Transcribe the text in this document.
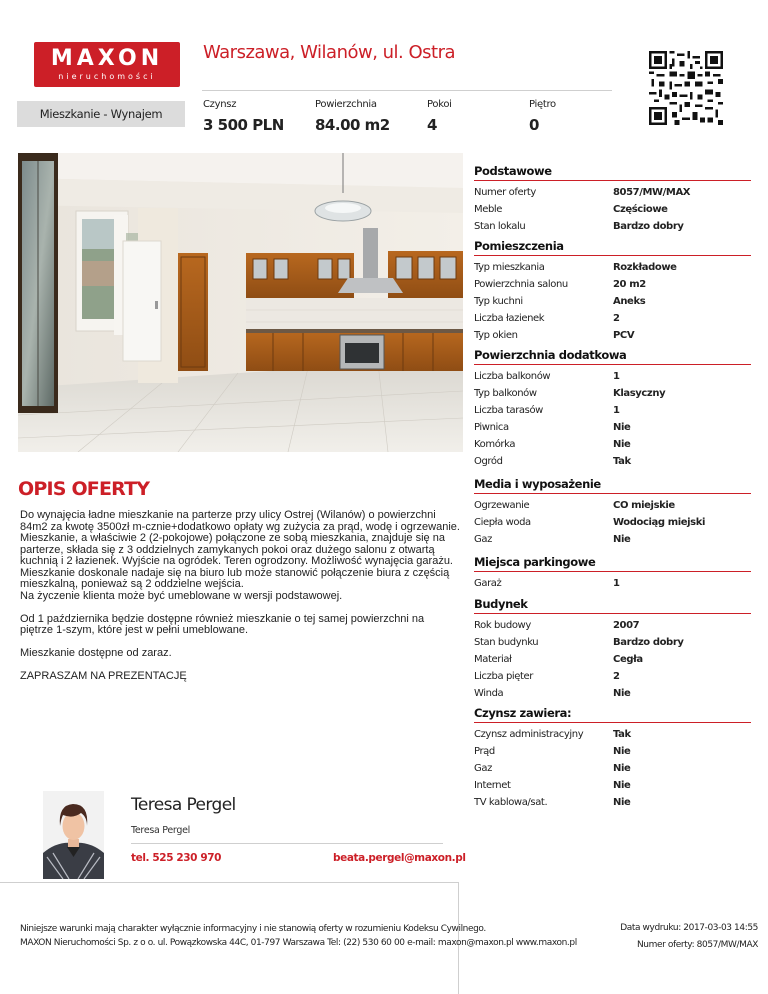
MAXON
nieruchomości
Warszawa, Wilanów, ul. Ostra
Mieszkanie - Wynajem
Czynsz
3 500 PLN
Powierzchnia
84.00 m2
Pokoi
4
Piętro
0
OPIS OFERTY

Do wynajęcia ładne mieszkanie na parterze przy ulicy Ostrej (Wilanów) o powierzchni 84m2 za kwotę 3500zł m-cznie+dodatkowo opłaty wg zużycia za prąd, wodę i ogrzewanie.

Mieszkanie, a właściwie 2 (2-pokojowe) połączone ze sobą mieszkania, znajduje się na parterze, składa się z 3 oddzielnych zamykanych pokoi oraz dużego salonu z otwartą kuchnią i 2 łazienek. Wyjście na ogródek. Teren ogrodzony. Możliwość wynajęcia garażu.

Mieszkanie doskonale nadaje się na biuro lub może stanowić połączenie biura z częścią mieszkalną, ponieważ są 2 oddzielne wejścia.

Na życzenie klienta może być umeblowane w wersji podstawowej.

Od 1 października będzie dostępne również mieszkanie o tej samej powierzchni na piętrze 1-szym, które jest w pełni umeblowane.

Mieszkanie dostępne od zaraz.

ZAPRASZAM NA PREZENTACJĘ

Teresa Pergel
Teresa Pergel
tel. 525 230 970	beata.pergel@maxon.pl
Podstawowe
Numer oferty	8057/MW/MAX
Meble	Częściowe
Stan lokalu	Bardzo dobry
Pomieszczenia
Typ mieszkania	Rozkładowe
Powierzchnia salonu	20 m2
Typ kuchni	Aneks
Liczba łazienek	2
Typ okien	PCV
Powierzchnia dodatkowa
Liczba balkonów	1
Typ balkonów	Klasyczny
Liczba tarasów	1
Piwnica	Nie
Komórka	Nie
Ogród	Tak
Media i wyposażenie
Ogrzewanie	CO miejskie
Ciepła woda	Wodociąg miejski
Gaz	Nie
Miejsca parkingowe
Garaż	1
Budynek
Rok budowy	2007
Stan budynku	Bardzo dobry
Materiał	Cegła
Liczba pięter	2
Winda	Nie
Czynsz zawiera:
Czynsz administracyjny	Tak
Prąd	Nie
Gaz	Nie
Internet	Nie
TV kablowa/sat.	Nie
Niniejsze warunki mają charakter wyłącznie informacyjny i nie stanowią oferty w rozumieniu Kodeksu Cywilnego.
MAXON Nieruchomości Sp. z o o. ul. Powązkowska 44C, 01-797 Warszawa Tel: (22) 530 60 00 e-mail: maxon@maxon.pl www.maxon.pl
Data wydruku: 2017-03-03 14:55
Numer oferty: 8057/MW/MAX
